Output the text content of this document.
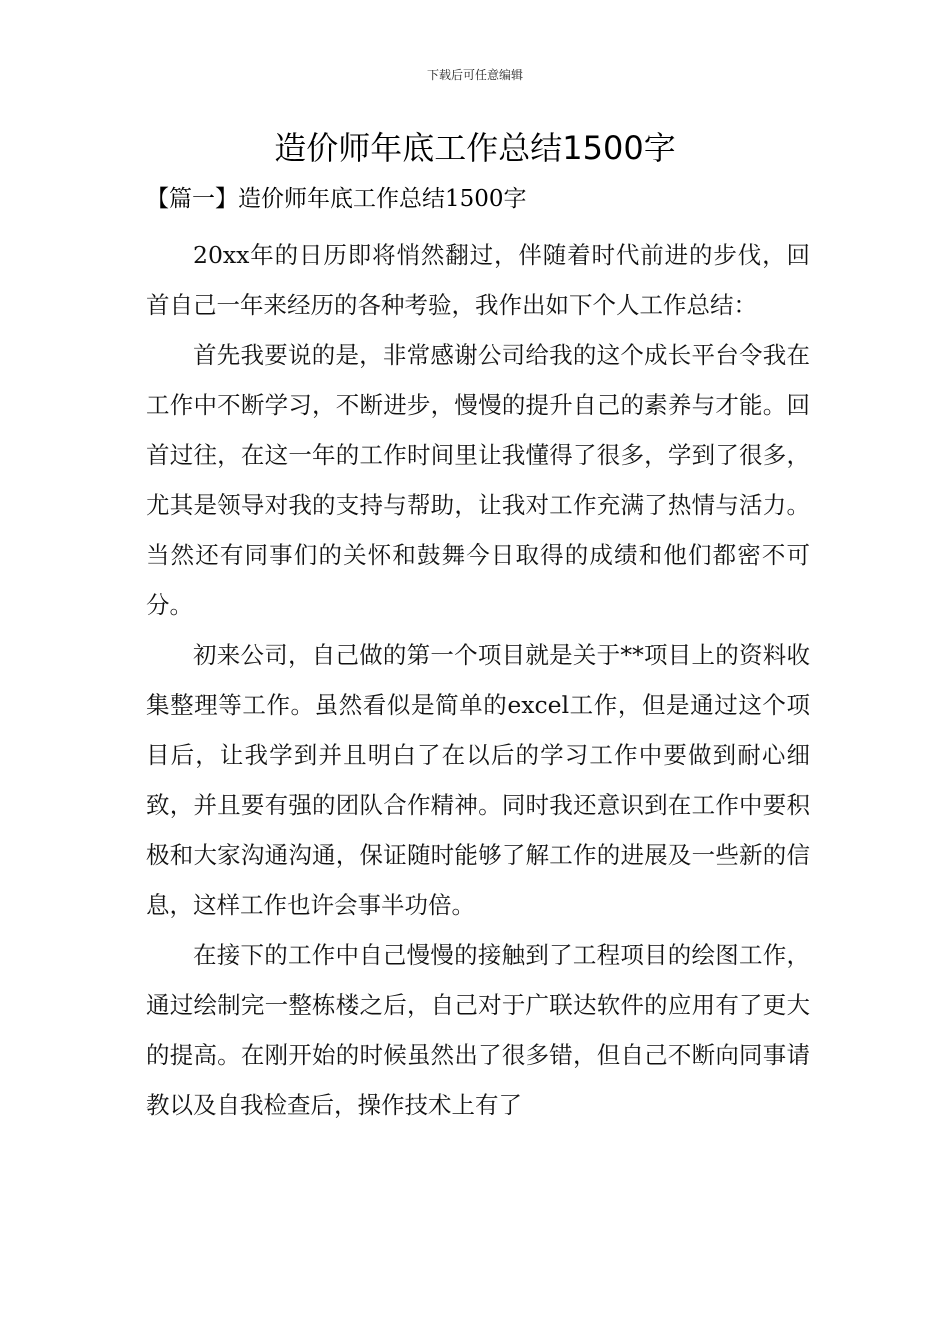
下载后可任意编辑
造价师年底工作总结1500字
【篇一】造价师年底工作总结1500字

20xx年的日历即将悄然翻过，伴随着时代前进的步伐，回首自己一年来经历的各种考验，我作出如下个人工作总结：

首先我要说的是，非常感谢公司给我的这个成长平台令我在工作中不断学习，不断进步，慢慢的提升自己的素养与才能。回首过往，在这一年的工作时间里让我懂得了很多，学到了很多，尤其是领导对我的支持与帮助，让我对工作充满了热情与活力。当然还有同事们的关怀和鼓舞今日取得的成绩和他们都密不可分。

初来公司，自己做的第一个项目就是关于**项目上的资料收集整理等工作。虽然看似是简单的excel工作，但是通过这个项目后，让我学到并且明白了在以后的学习工作中要做到耐心细致，并且要有强的团队合作精神。同时我还意识到在工作中要积极和大家沟通沟通，保证随时能够了解工作的进展及一些新的信息，这样工作也许会事半功倍。

在接下的工作中自己慢慢的接触到了工程项目的绘图工作，通过绘制完一整栋楼之后，自己对于广联达软件的应用有了更大的提高。在刚开始的时候虽然出了很多错，但自己不断向同事请教以及自我检查后，操作技术上有了
